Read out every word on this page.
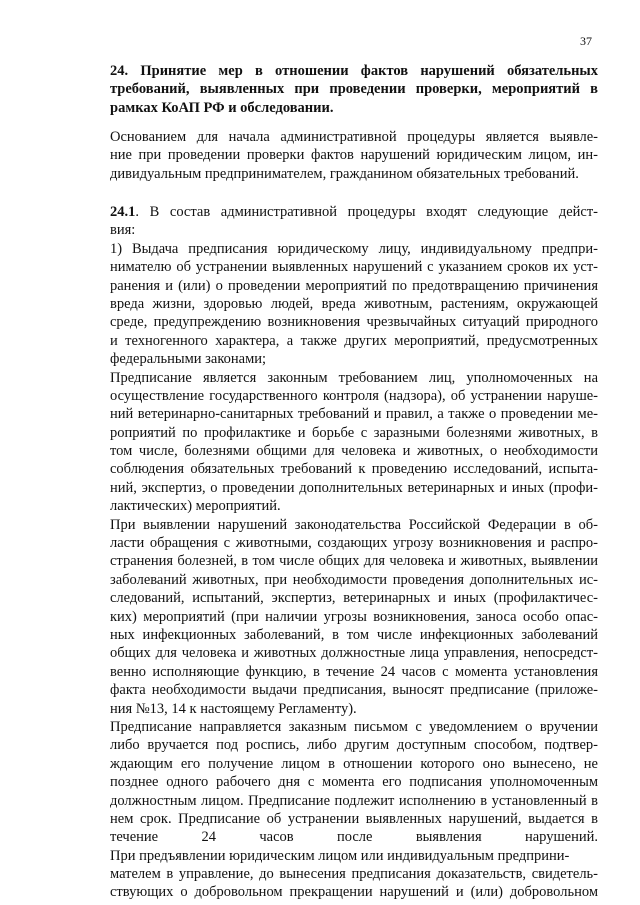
37
24. Принятие мер в отношении фактов нарушений обязательных
требований, выявленных при проведении проверки, мероприятий в
рамках КоАП РФ и обследовании.
Основанием для начала административной процедуры является выявле-
ние при проведении проверки фактов нарушений юридическим лицом, ин-
дивидуальным предпринимателем, гражданином обязательных требований.
24.1. В состав административной процедуры входят следующие дейст-
вия:
1) Выдача предписания юридическому лицу, индивидуальному предпри-
нимателю об устранении выявленных нарушений с указанием сроков их уст-
ранения и (или) о проведении мероприятий по предотвращению причинения
вреда жизни, здоровью людей, вреда животным, растениям, окружающей
среде, предупреждению возникновения чрезвычайных ситуаций природного
и техногенного характера, а также других мероприятий, предусмотренных
федеральными законами;
Предписание является законным требованием лиц, уполномоченных на
осуществление государственного контроля (надзора), об устранении наруше-
ний ветеринарно-санитарных требований и правил, а также о проведении ме-
роприятий по профилактике и борьбе с заразными болезнями животных, в
том числе, болезнями общими для человека и животных, о необходимости
соблюдения обязательных требований к проведению исследований, испыта-
ний, экспертиз, о проведении дополнительных ветеринарных и иных (профи-
лактических) мероприятий.
При выявлении нарушений законодательства Российской Федерации в об-
ласти обращения с животными, создающих угрозу возникновения и распро-
странения болезней, в том числе общих для человека и животных, выявлении
заболеваний животных, при необходимости проведения дополнительных ис-
следований, испытаний, экспертиз, ветеринарных и иных (профилактичес-
ких) мероприятий (при наличии угрозы возникновения, заноса особо опас-
ных инфекционных заболеваний, в том числе инфекционных заболеваний
общих для человека и животных должностные лица управления, непосредст-
венно исполняющие функцию, в течение 24 часов с момента установления
факта необходимости выдачи предписания, выносят предписание (приложе-
ния №13, 14 к настоящему Регламенту).
Предписание направляется заказным письмом с уведомлением о вручении
либо вручается под роспись, либо другим доступным способом, подтвер-
ждающим его получение лицом в отношении которого оно вынесено, не
позднее одного рабочего дня с момента его подписания уполномоченным
должностным лицом. Предписание подлежит исполнению в установленный в
нем срок. Предписание об устранении выявленных нарушений, выдается в
течение 24 часов после выявления нарушений.
При предъявлении юридическим лицом или индивидуальным предприни-
мателем в управление, до вынесения предписания доказательств, свидетель-
ствующих о добровольном прекращении нарушений и (или) добровольном
